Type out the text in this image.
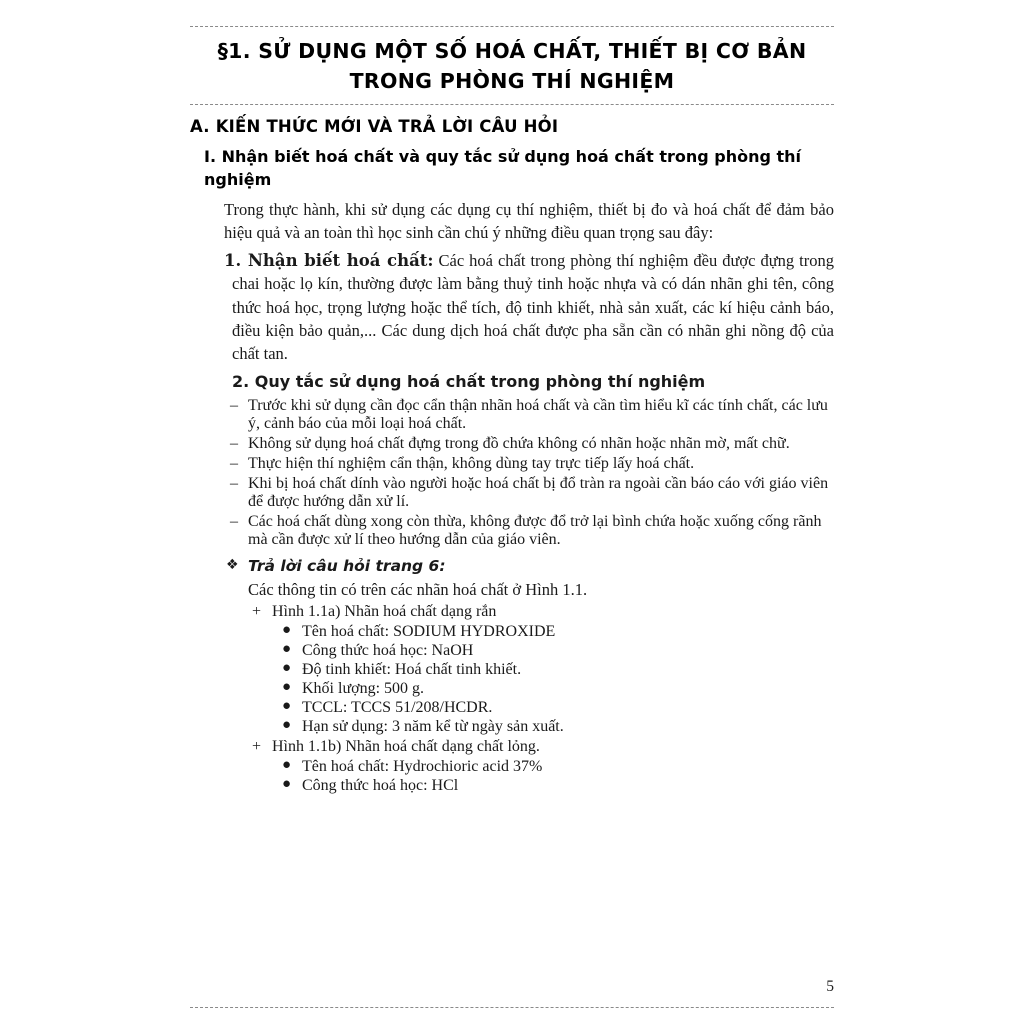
§1. SỬ DỤNG MỘT SỐ HOÁ CHẤT, THIẾT BỊ CƠ BẢN
TRONG PHÒNG THÍ NGHIỆM
A. KIẾN THỨC MỚI VÀ TRẢ LỜI CÂU HỎI
I. Nhận biết hoá chất và quy tắc sử dụng hoá chất trong phòng thí nghiệm

Trong thực hành, khi sử dụng các dụng cụ thí nghiệm, thiết bị đo và hoá chất để đảm bảo hiệu quả và an toàn thì học sinh cần chú ý những điều quan trọng sau đây:

1. Nhận biết hoá chất: Các hoá chất trong phòng thí nghiệm đều được đựng trong chai hoặc lọ kín, thường được làm bằng thuỷ tinh hoặc nhựa và có dán nhãn ghi tên, công thức hoá học, trọng lượng hoặc thể tích, độ tinh khiết, nhà sản xuất, các kí hiệu cảnh báo, điều kiện bảo quản,... Các dung dịch hoá chất được pha sẵn cần có nhãn ghi nồng độ của chất tan.

2. Quy tắc sử dụng hoá chất trong phòng thí nghiệm

– Trước khi sử dụng cần đọc cẩn thận nhãn hoá chất và cần tìm hiểu kĩ các tính chất, các lưu ý, cảnh báo của mỗi loại hoá chất.
– Không sử dụng hoá chất đựng trong đồ chứa không có nhãn hoặc nhãn mờ, mất chữ.
– Thực hiện thí nghiệm cẩn thận, không dùng tay trực tiếp lấy hoá chất.
– Khi bị hoá chất dính vào người hoặc hoá chất bị đổ tràn ra ngoài cần báo cáo với giáo viên để được hướng dẫn xử lí.
– Các hoá chất dùng xong còn thừa, không được đổ trở lại bình chứa hoặc xuống cống rãnh mà cần được xử lí theo hướng dẫn của giáo viên.
❖ Trả lời câu hỏi trang 6:
Các thông tin có trên các nhãn hoá chất ở Hình 1.1.
+ Hình 1.1a) Nhãn hoá chất dạng rắn
● Tên hoá chất: SODIUM HYDROXIDE
● Công thức hoá học: NaOH
● Độ tinh khiết: Hoá chất tinh khiết.
● Khối lượng: 500 g.
● TCCL: TCCS 51/208/HCDR.
● Hạn sử dụng: 3 năm kể từ ngày sản xuất.
+ Hình 1.1b) Nhãn hoá chất dạng chất lỏng.
● Tên hoá chất: Hydrochioric acid 37%
● Công thức hoá học: HCl
5
